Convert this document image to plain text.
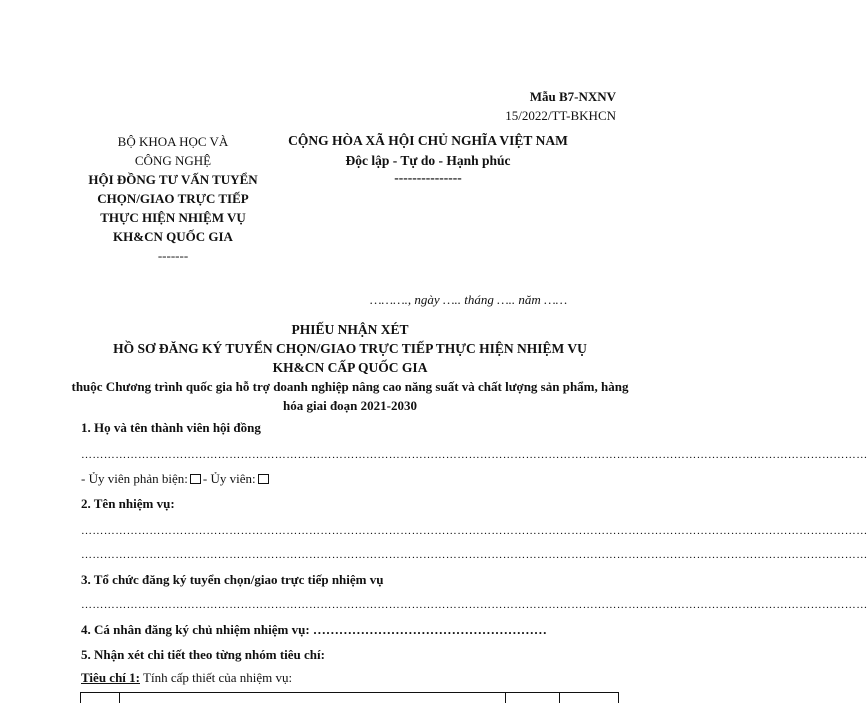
Mẫu B7-NXNV
15/2022/TT-BKHCN
BỘ KHOA HỌC VÀ CÔNG NGHỆ
HỘI ĐỒNG TƯ VẤN TUYỂN CHỌN/GIAO TRỰC TIẾP THỰC HIỆN NHIỆM VỤ KH&CN QUỐC GIA
-------
CỘNG HÒA XÃ HỘI CHỦ NGHĨA VIỆT NAM
Độc lập - Tự do - Hạnh phúc
---------------
………., ngày ….. tháng ….. năm ……
PHIẾU NHẬN XÉT
HỒ SƠ ĐĂNG KÝ TUYỂN CHỌN/GIAO TRỰC TIẾP THỰC HIỆN NHIỆM VỤ KH&CN CẤP QUỐC GIA
thuộc Chương trình quốc gia hỗ trợ doanh nghiệp nâng cao năng suất và chất lượng sản phẩm, hàng hóa giai đoạn 2021-2030
1. Họ và tên thành viên hội đồng
………………………………………………………………………………………………………………………………………………………………………………………
- Ủy viên phản biện: - Ủy viên:
2. Tên nhiệm vụ:
………………………………………………………………………………………………………………………………………………………………………………………
………………………………………………………………………………………………………………………………………………………………………………………
3. Tổ chức đăng ký tuyển chọn/giao trực tiếp nhiệm vụ
………………………………………………………………………………………………………………………………………………………………………………………
4. Cá nhân đăng ký chủ nhiệm nhiệm vụ: ………………………………………………
5. Nhận xét chi tiết theo từng nhóm tiêu chí:
Tiêu chí 1: Tính cấp thiết của nhiệm vụ:
